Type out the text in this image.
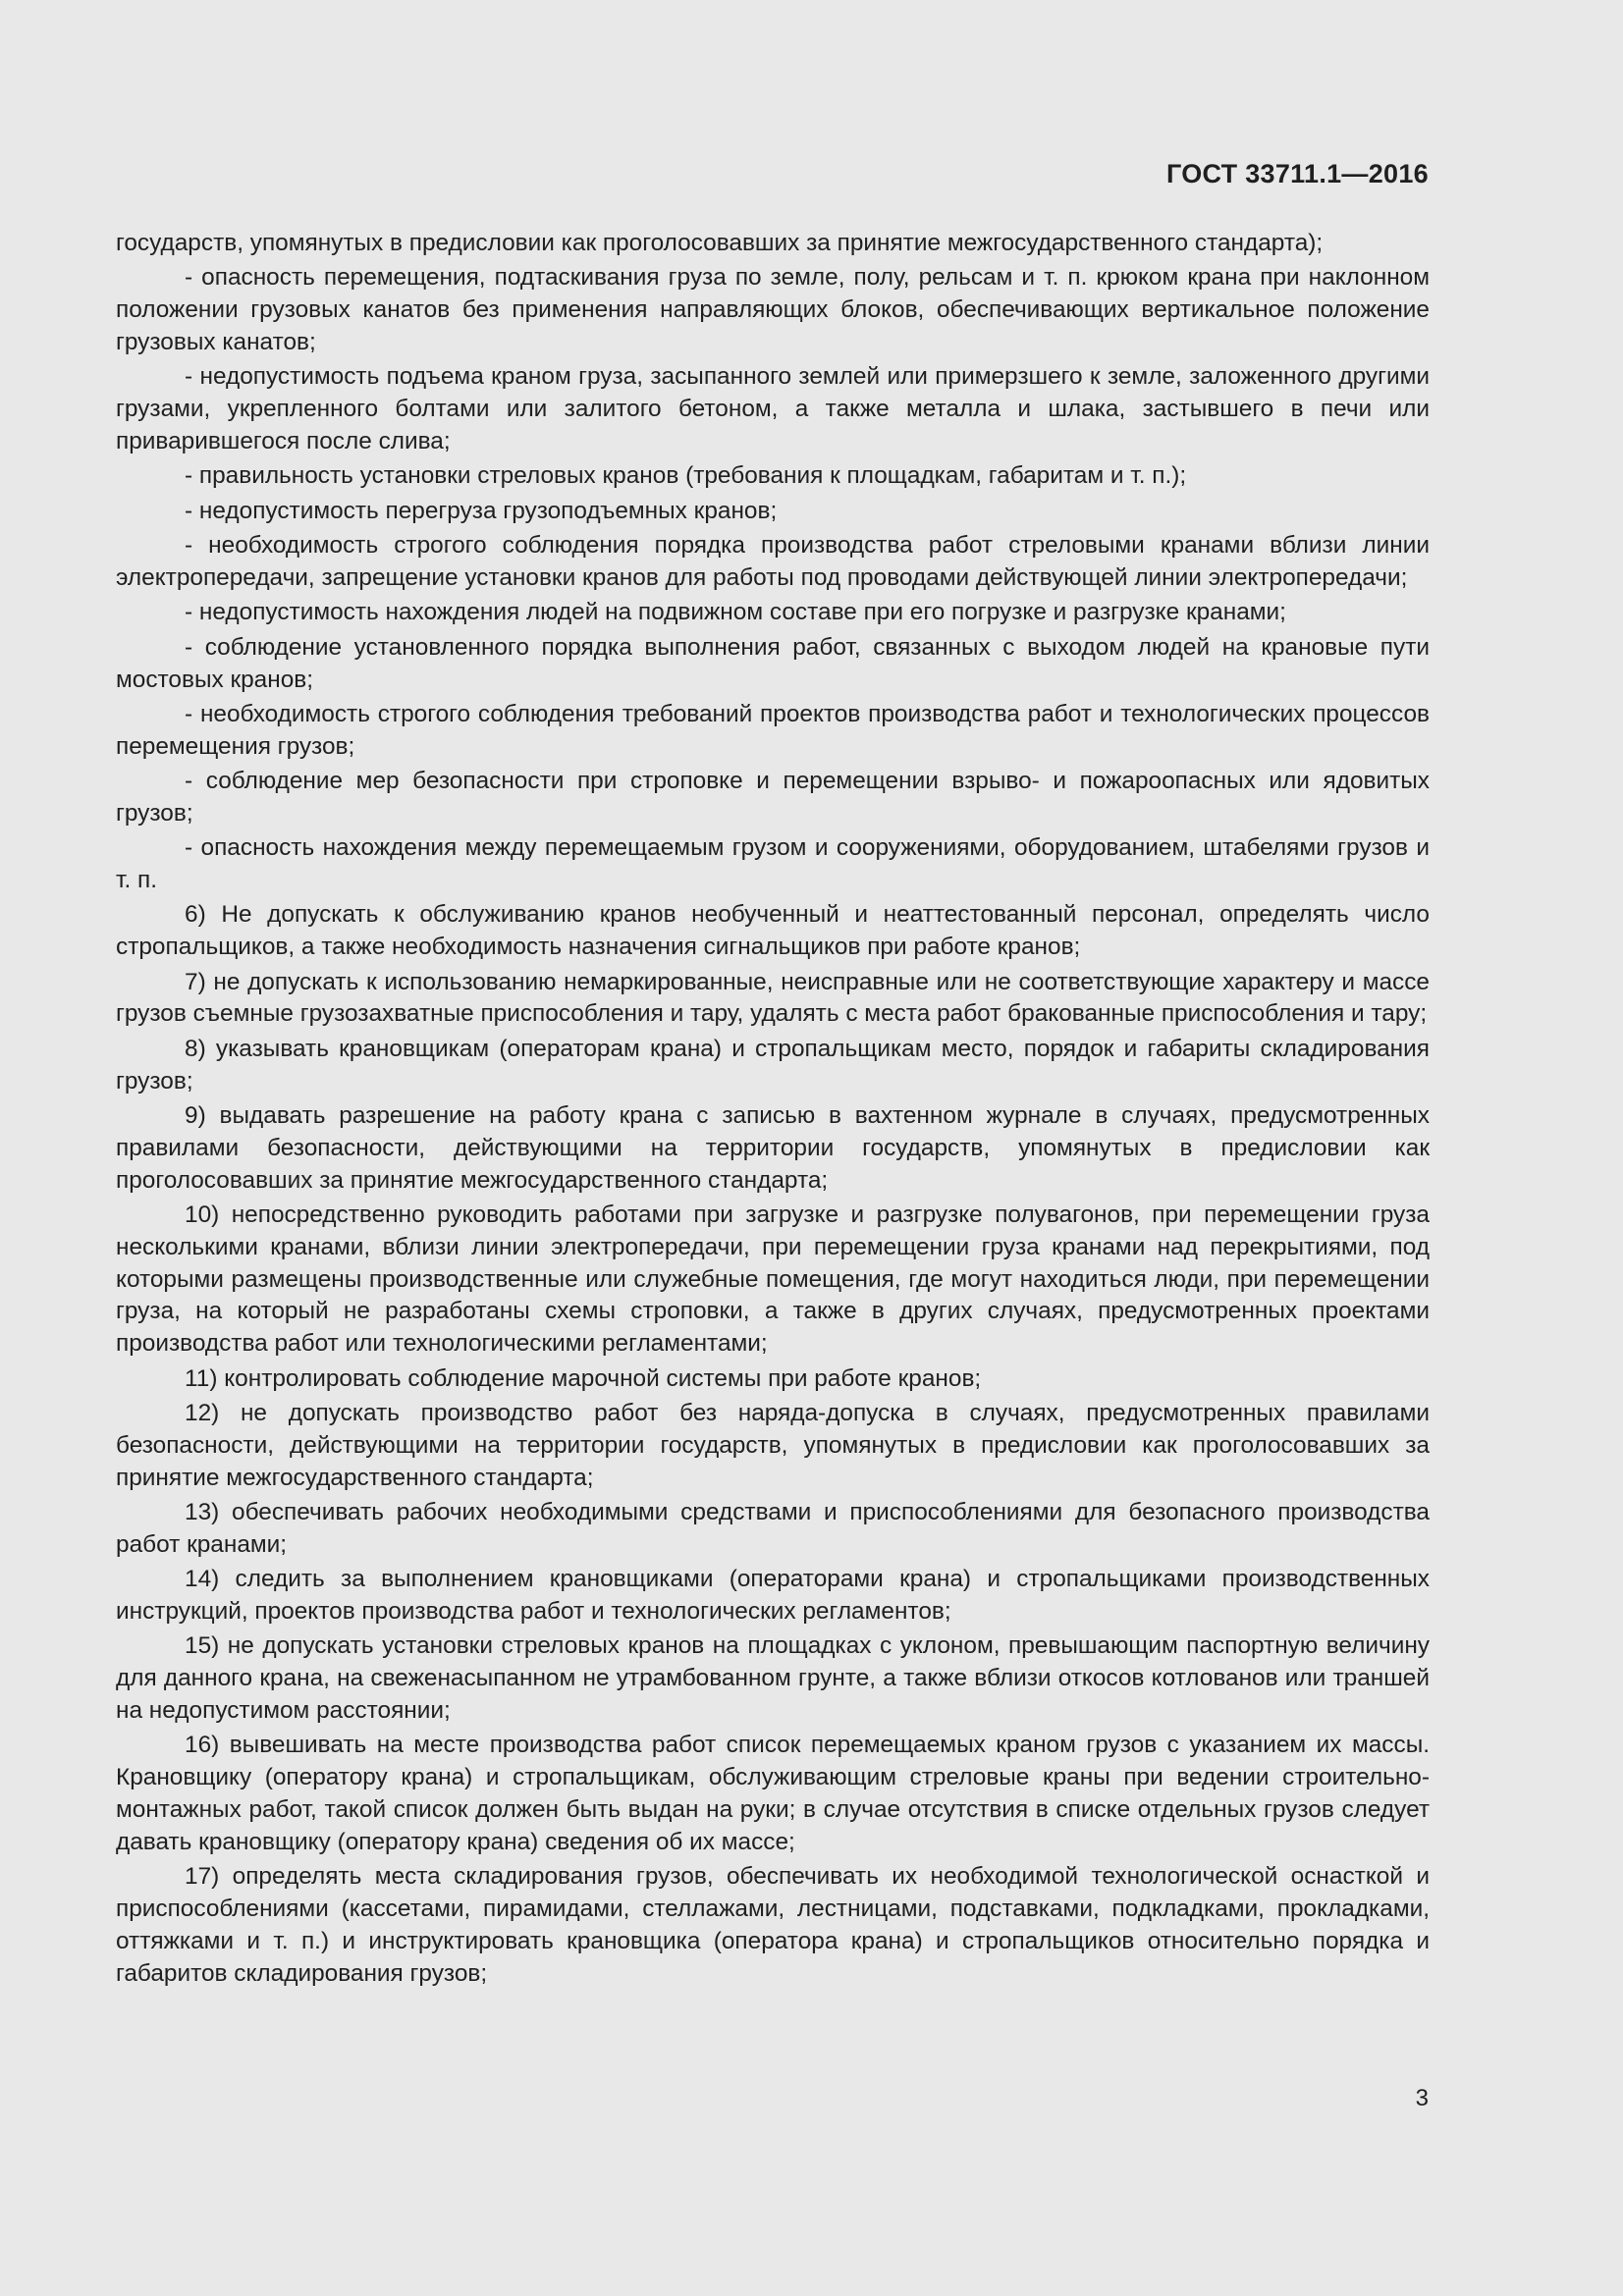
ГОСТ 33711.1—2016

государств, упомянутых в предисловии как проголосовавших за принятие межгосударственного стандарта);

- опасность перемещения, подтаскивания груза по земле, полу, рельсам и т. п. крюком крана при наклонном положении грузовых канатов без применения направляющих блоков, обеспечивающих вертикальное положение грузовых канатов;

- недопустимость подъема краном груза, засыпанного землей или примерзшего к земле, заложенного другими грузами, укрепленного болтами или залитого бетоном, а также металла и шлака, застывшего в печи или приварившегося после слива;

- правильность установки стреловых кранов (требования к площадкам, габаритам и т. п.);

- недопустимость перегруза грузоподъемных кранов;

- необходимость строгого соблюдения порядка производства работ стреловыми кранами вблизи линии электропередачи, запрещение установки кранов для работы под проводами действующей линии электропередачи;

- недопустимость нахождения людей на подвижном составе при его погрузке и разгрузке кранами;

- соблюдение установленного порядка выполнения работ, связанных с выходом людей на крановые пути мостовых кранов;

- необходимость строгого соблюдения требований проектов производства работ и технологических процессов перемещения грузов;

- соблюдение мер безопасности при строповке и перемещении взрыво- и пожароопасных или ядовитых грузов;

- опасность нахождения между перемещаемым грузом и сооружениями, оборудованием, штабелями грузов и т. п.

6) Не допускать к обслуживанию кранов необученный и неаттестованный персонал, определять число стропальщиков, а также необходимость назначения сигнальщиков при работе кранов;

7) не допускать к использованию немаркированные, неисправные или не соответствующие характеру и массе грузов съемные грузозахватные приспособления и тару, удалять с места работ бракованные приспособления и тару;

8) указывать крановщикам (операторам крана) и стропальщикам место, порядок и габариты складирования грузов;

9) выдавать разрешение на работу крана с записью в вахтенном журнале в случаях, предусмотренных правилами безопасности, действующими на территории государств, упомянутых в предисловии как проголосовавших за принятие межгосударственного стандарта;

10) непосредственно руководить работами при загрузке и разгрузке полувагонов, при перемещении груза несколькими кранами, вблизи линии электропередачи, при перемещении груза кранами над перекрытиями, под которыми размещены производственные или служебные помещения, где могут находиться люди, при перемещении груза, на который не разработаны схемы строповки, а также в других случаях, предусмотренных проектами производства работ или технологическими регламентами;

11) контролировать соблюдение марочной системы при работе кранов;

12) не допускать производство работ без наряда-допуска в случаях, предусмотренных правилами безопасности, действующими на территории государств, упомянутых в предисловии как проголосовавших за принятие межгосударственного стандарта;

13) обеспечивать рабочих необходимыми средствами и приспособлениями для безопасного производства работ кранами;

14) следить за выполнением крановщиками (операторами крана) и стропальщиками производственных инструкций, проектов производства работ и технологических регламентов;

15) не допускать установки стреловых кранов на площадках с уклоном, превышающим паспортную величину для данного крана, на свеженасыпанном не утрамбованном грунте, а также вблизи откосов котлованов или траншей на недопустимом расстоянии;

16) вывешивать на месте производства работ список перемещаемых краном грузов с указанием их массы. Крановщику (оператору крана) и стропальщикам, обслуживающим стреловые краны при ведении строительно-монтажных работ, такой список должен быть выдан на руки; в случае отсутствия в списке отдельных грузов следует давать крановщику (оператору крана) сведения об их массе;

17) определять места складирования грузов, обеспечивать их необходимой технологической оснасткой и приспособлениями (кассетами, пирамидами, стеллажами, лестницами, подставками, подкладками, прокладками, оттяжками и т. п.) и инструктировать крановщика (оператора крана) и стропальщиков относительно порядка и габаритов складирования грузов;

3
